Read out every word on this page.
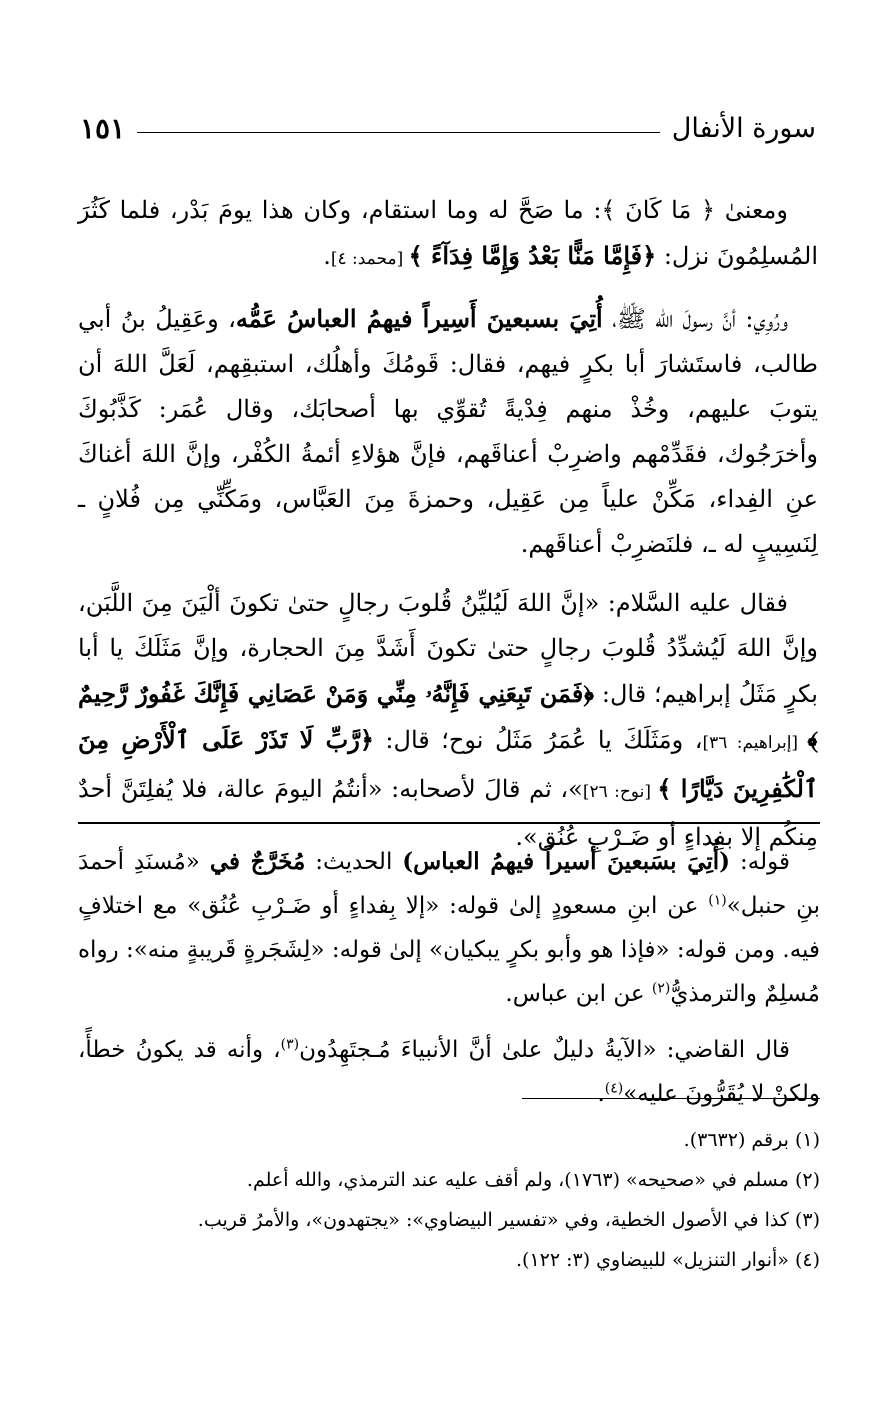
سورة الأنفال
١٥١

ومعنىٰ ﴿ مَا كَانَ ﴾: ما صَحَّ له وما استقام، وكان هذا يومَ بَدْر، فلما كَثُرَ المُسلِمُونَ نزل: ﴿فَإِمَّا مَنًّا بَعْدُ وَإِمَّا فِدَآءً ﴾ [محمد: ٤].

ورُوِي: أنَّ رسولَ الله ﷺ، أُتِيَ بسبعينَ أَسِيراً فيهمُ العباسُ عَمُّه، وعَقِيلُ بنُ أبي طالب، فاستَشارَ أبا بكرٍ فيهم، فقال: قَومُكَ وأهلُك، استبقِهم، لَعَلَّ اللهَ أن يتوبَ عليهم، وخُذْ منهم فِدْيةً تُقوِّي بها أصحابَك، وقال عُمَر: كَذَّبُوكَ وأخرَجُوك، فقَدِّمْهم واضرِبْ أعناقَهم، فإنَّ هؤلاءِ أئمةُ الكُفْر، وإنَّ اللهَ أغناكَ عنِ الفِداء، مَكِّنْ علياً مِن عَقِيل، وحمزةَ مِنَ العَبَّاس، ومَكِّنِّي مِن فُلانٍ ـ لِنَسِيبٍ له ـ، فلنَضرِبْ أعناقَهم.

فقال عليه السَّلام: «إنَّ اللهَ لَيُليِّنُ قُلوبَ رجالٍ حتىٰ تكونَ ألْيَنَ مِنَ اللَّبَن، وإنَّ اللهَ لَيُشدِّدُ قُلوبَ رجالٍ حتىٰ تكونَ أَشَدَّ مِنَ الحجارة، وإنَّ مَثَلَكَ يا أبا بكرٍ مَثَلُ إبراهيم؛ قال: ﴿فَمَن تَبِعَنِي فَإِنَّهُۥ مِنِّي وَمَنْ عَصَانِي فَإِنَّكَ غَفُورٌ رَّحِيمٌ ﴾ [إبراهيم: ٣٦]، ومَثَلَكَ يا عُمَرُ مَثَلُ نوح؛ قال: ﴿رَّبِّ لَا تَذَرْ عَلَى ٱلْأَرْضِ مِنَ ٱلْكَٰفِرِينَ دَيَّارًا ﴾ [نوح: ٢٦]»، ثم قالَ لأصحابه: «أنتُمُ اليومَ عالة، فلا يُفلِتَنَّ أحدٌ مِنكُم إلا بفِداءٍ أو ضَـرْبِ عُنُق».

قوله: (أُتِيَ بسَبعينَ أسيراً فيهمُ العباس) الحديث: مُخَرَّجٌ في «مُسنَدِ أحمدَ بنِ حنبل»$^{(١)}$ عن ابنِ مسعودٍ إلىٰ قوله: «إلا بِفداءٍ أو ضَـرْبِ عُنُق» مع اختلافٍ فيه. ومن قوله: «فإذا هو وأبو بكرٍ يبكيان» إلىٰ قوله: «لِشَجَرةٍ قَريبةٍ منه»: رواه مُسلِمٌ والترمذيُّ$^{(٢)}$ عن ابن عباس.

قال القاضي: «الآيةُ دليلٌ علىٰ أنَّ الأنبياءَ مُـجتَهِدُون$^{(٣)}$، وأنه قد يكونُ خطأً، ولكنْ لا يُقَرُّونَ عليه»$^{(٤)}$.

(١) برقم (٣٦٣٢).

(٢) مسلم في «صحيحه» (١٧٦٣)، ولم أقف عليه عند الترمذي، والله أعلم.

(٣) كذا في الأصول الخطية، وفي «تفسير البيضاوي»: «يجتهدون»، والأمرُ قريب.

(٤) «أنوار التنزيل» للبيضاوي (٣: ١٢٢).
